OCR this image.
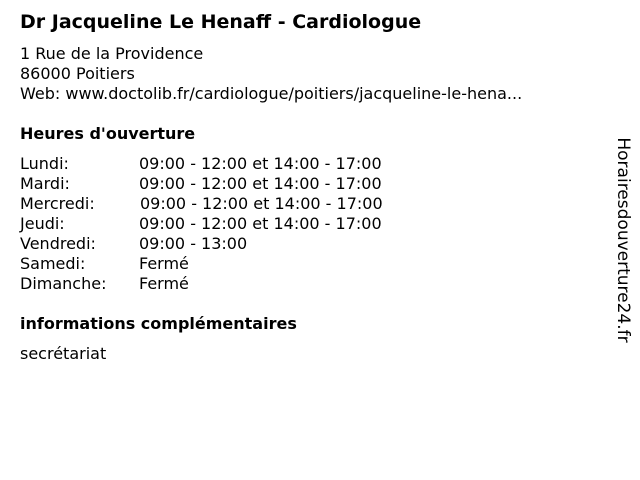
Dr Jacqueline Le Henaff - Cardiologue
1 Rue de la Providence
86000 Poitiers
Web: www.doctolib.fr/cardiologue/poitiers/jacqueline-le-hena...
Heures d'ouverture
Lundi:	09:00 - 12:00 et 14:00 - 17:00
Mardi:	09:00 - 12:00 et 14:00 - 17:00
Mercredi:	09:00 - 12:00 et 14:00 - 17:00
Jeudi:	09:00 - 12:00 et 14:00 - 17:00
Vendredi:	09:00 - 13:00
Samedi:	Fermé
Dimanche: Fermé
informations complémentaires
secrétariat
Horairesdouverture24.fr
